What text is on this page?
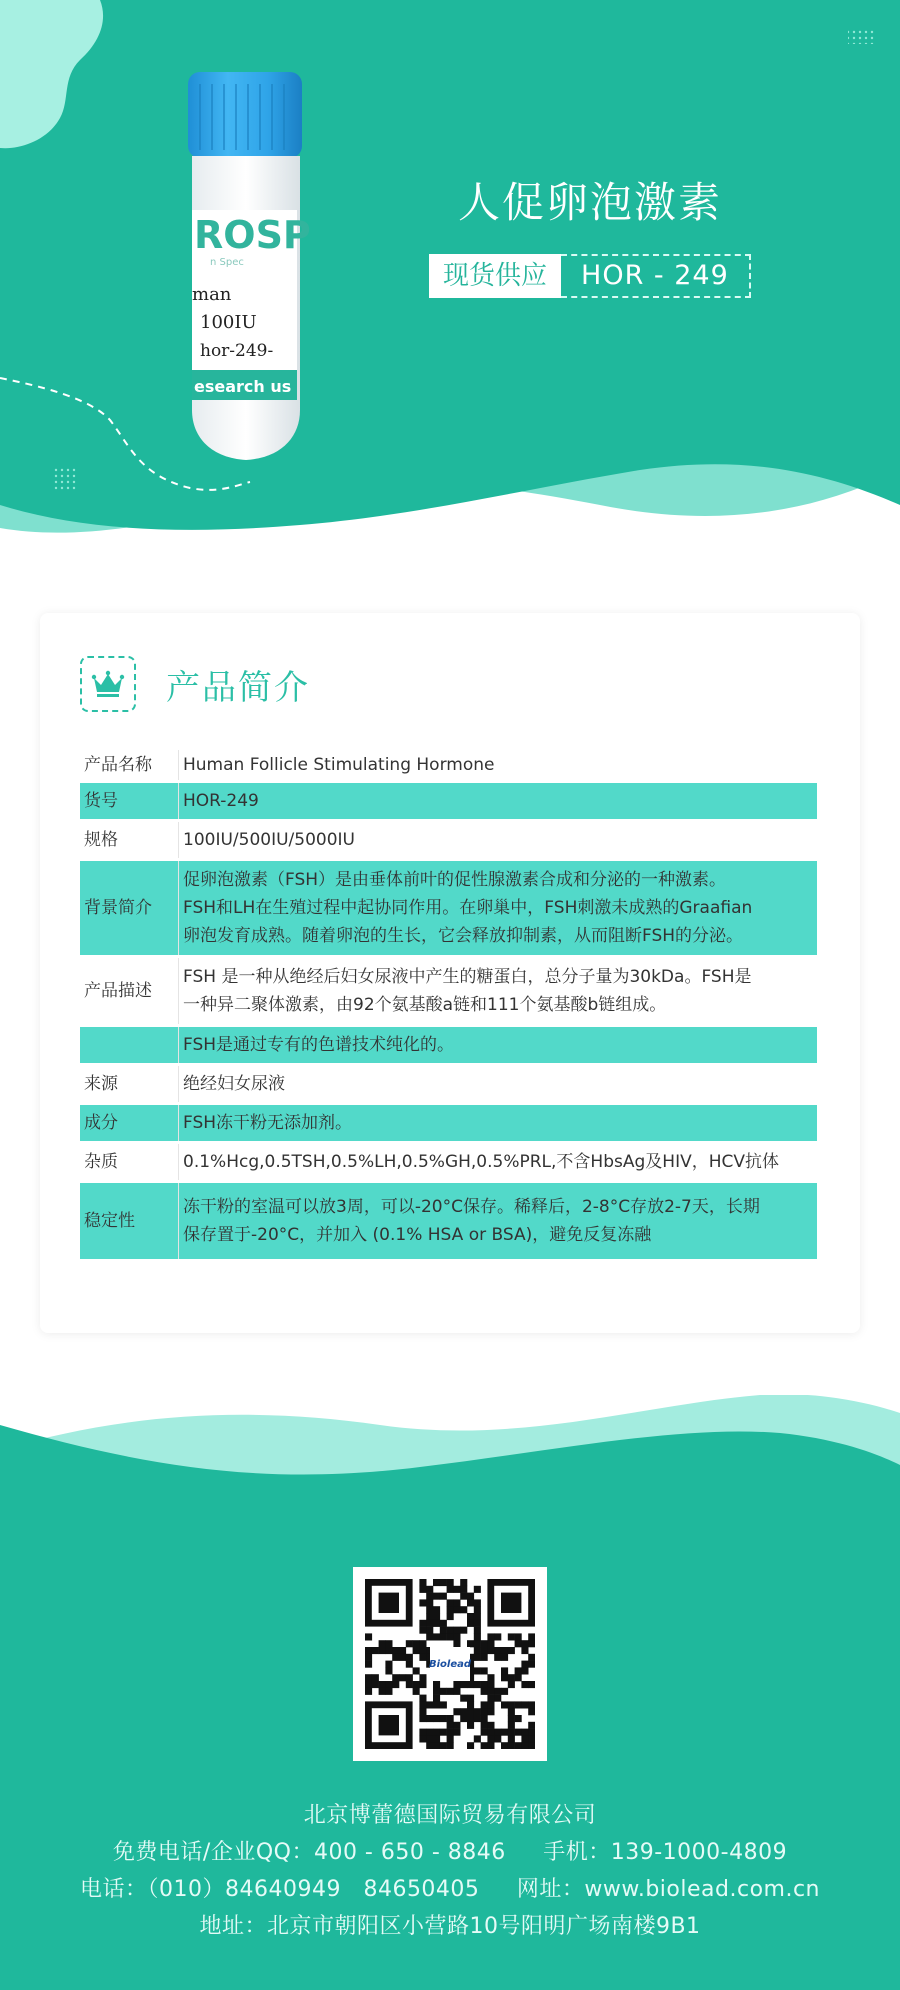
ROSP
n Spec
man
100IU
hor-249-
esearch us
人促卵泡激素
现货供应	HOR - 249
产品简介
产品名称	Human Follicle Stimulating Hormone

货号	HOR-249

规格	100IU/500IU/5000IU

背景简介	促卵泡激素（FSH）是由垂体前叶的促性腺激素合成和分泌的一种激素。
FSH和LH在生殖过程中起协同作用。在卵巢中，FSH刺激未成熟的Graafian
卵泡发育成熟。随着卵泡的生长，它会释放抑制素，从而阻断FSH的分泌。

产品描述	FSH 是一种从绝经后妇女尿液中产生的糖蛋白，总分子量为30kDa。FSH是
一种异二聚体激素，由92个氨基酸a链和111个氨基酸b链组成。

	FSH是通过专有的色谱技术纯化的。

来源	绝经妇女尿液

成分	FSH冻干粉无添加剂。

杂质	0.1%Hcg,0.5TSH,0.5%LH,0.5%GH,0.5%PRL,不含HbsAg及HIV，HCV抗体

稳定性	冻干粉的室温可以放3周，可以-20°C保存。稀释后，2-8°C存放2-7天，长期
保存置于-20°C，并加入 (0.1% HSA or BSA)，避免反复冻融
Biolead
北京博蕾德国际贸易有限公司
免费电话/企业QQ：400 - 650 - 8846     手机：139-1000-4809
电话：（010）84640949   84650405     网址：www.biolead.com.cn
地址：北京市朝阳区小营路10号阳明广场南楼9B1
